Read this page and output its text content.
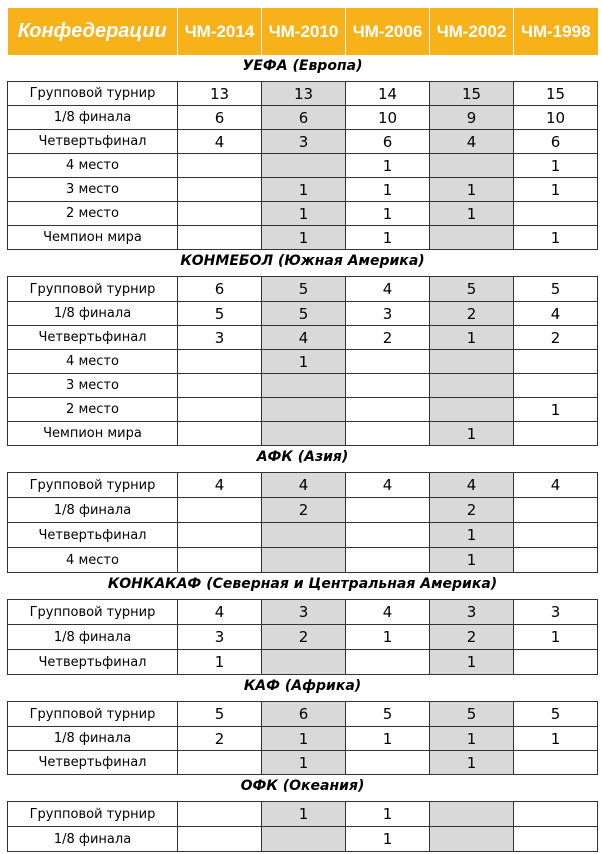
Конфедерации	ЧМ-2014	ЧМ-2010	ЧМ-2006	ЧМ-2002	ЧМ-1998
УЕФА (Европа)					

Групповой турнир	13	13	14	15	15
1/8 финала	6	6	10	9	10
Четвертьфинал	4	3	6	4	6
4 место			1		1
3 место		1	1	1	1
2 место		1	1	1	
Чемпион мира		1	1		1
КОНМЕБОЛ (Южная Америка)					

Групповой турнир	6	5	4	5	5
1/8 финала	5	5	3	2	4
Четвертьфинал	3	4	2	1	2
4 место		1			
3 место					
2 место					1
Чемпион мира				1	
АФК (Азия)					

Групповой турнир	4	4	4	4	4
1/8 финала		2		2	
Четвертьфинал				1	
4 место				1	
КОНКАКАФ (Северная и Центральная Америка)					

Групповой турнир	4	3	4	3	3
1/8 финала	3	2	1	2	1
Четвертьфинал	1			1	
КАФ (Африка)					

Групповой турнир	5	6	5	5	5
1/8 финала	2	1	1	1	1
Четвертьфинал		1		1	
ОФК (Океания)					

Групповой турнир		1	1		
1/8 финала			1		
